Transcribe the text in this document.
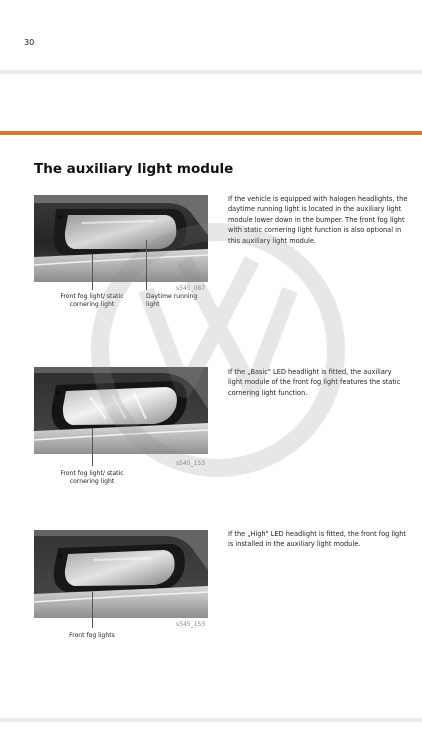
30
The auxiliary light module
s545_087
Front fog light/ static cornering light
Daytime running light
If the vehicle is equipped with halogen headlights, the daytime running light is located in the auxiliary light module lower down in the bumper. The front fog light with static cornering light function is also optional in this auxiliary light module.
s545_153
Front fog light/ static cornering light
If the „Basic" LED headlight is fitted, the auxiliary light module of the front fog light features the static cornering light function.
s545_153
Front fog lights
If the „High" LED headlight is fitted, the front fog light is installed in the auxiliary light module.
